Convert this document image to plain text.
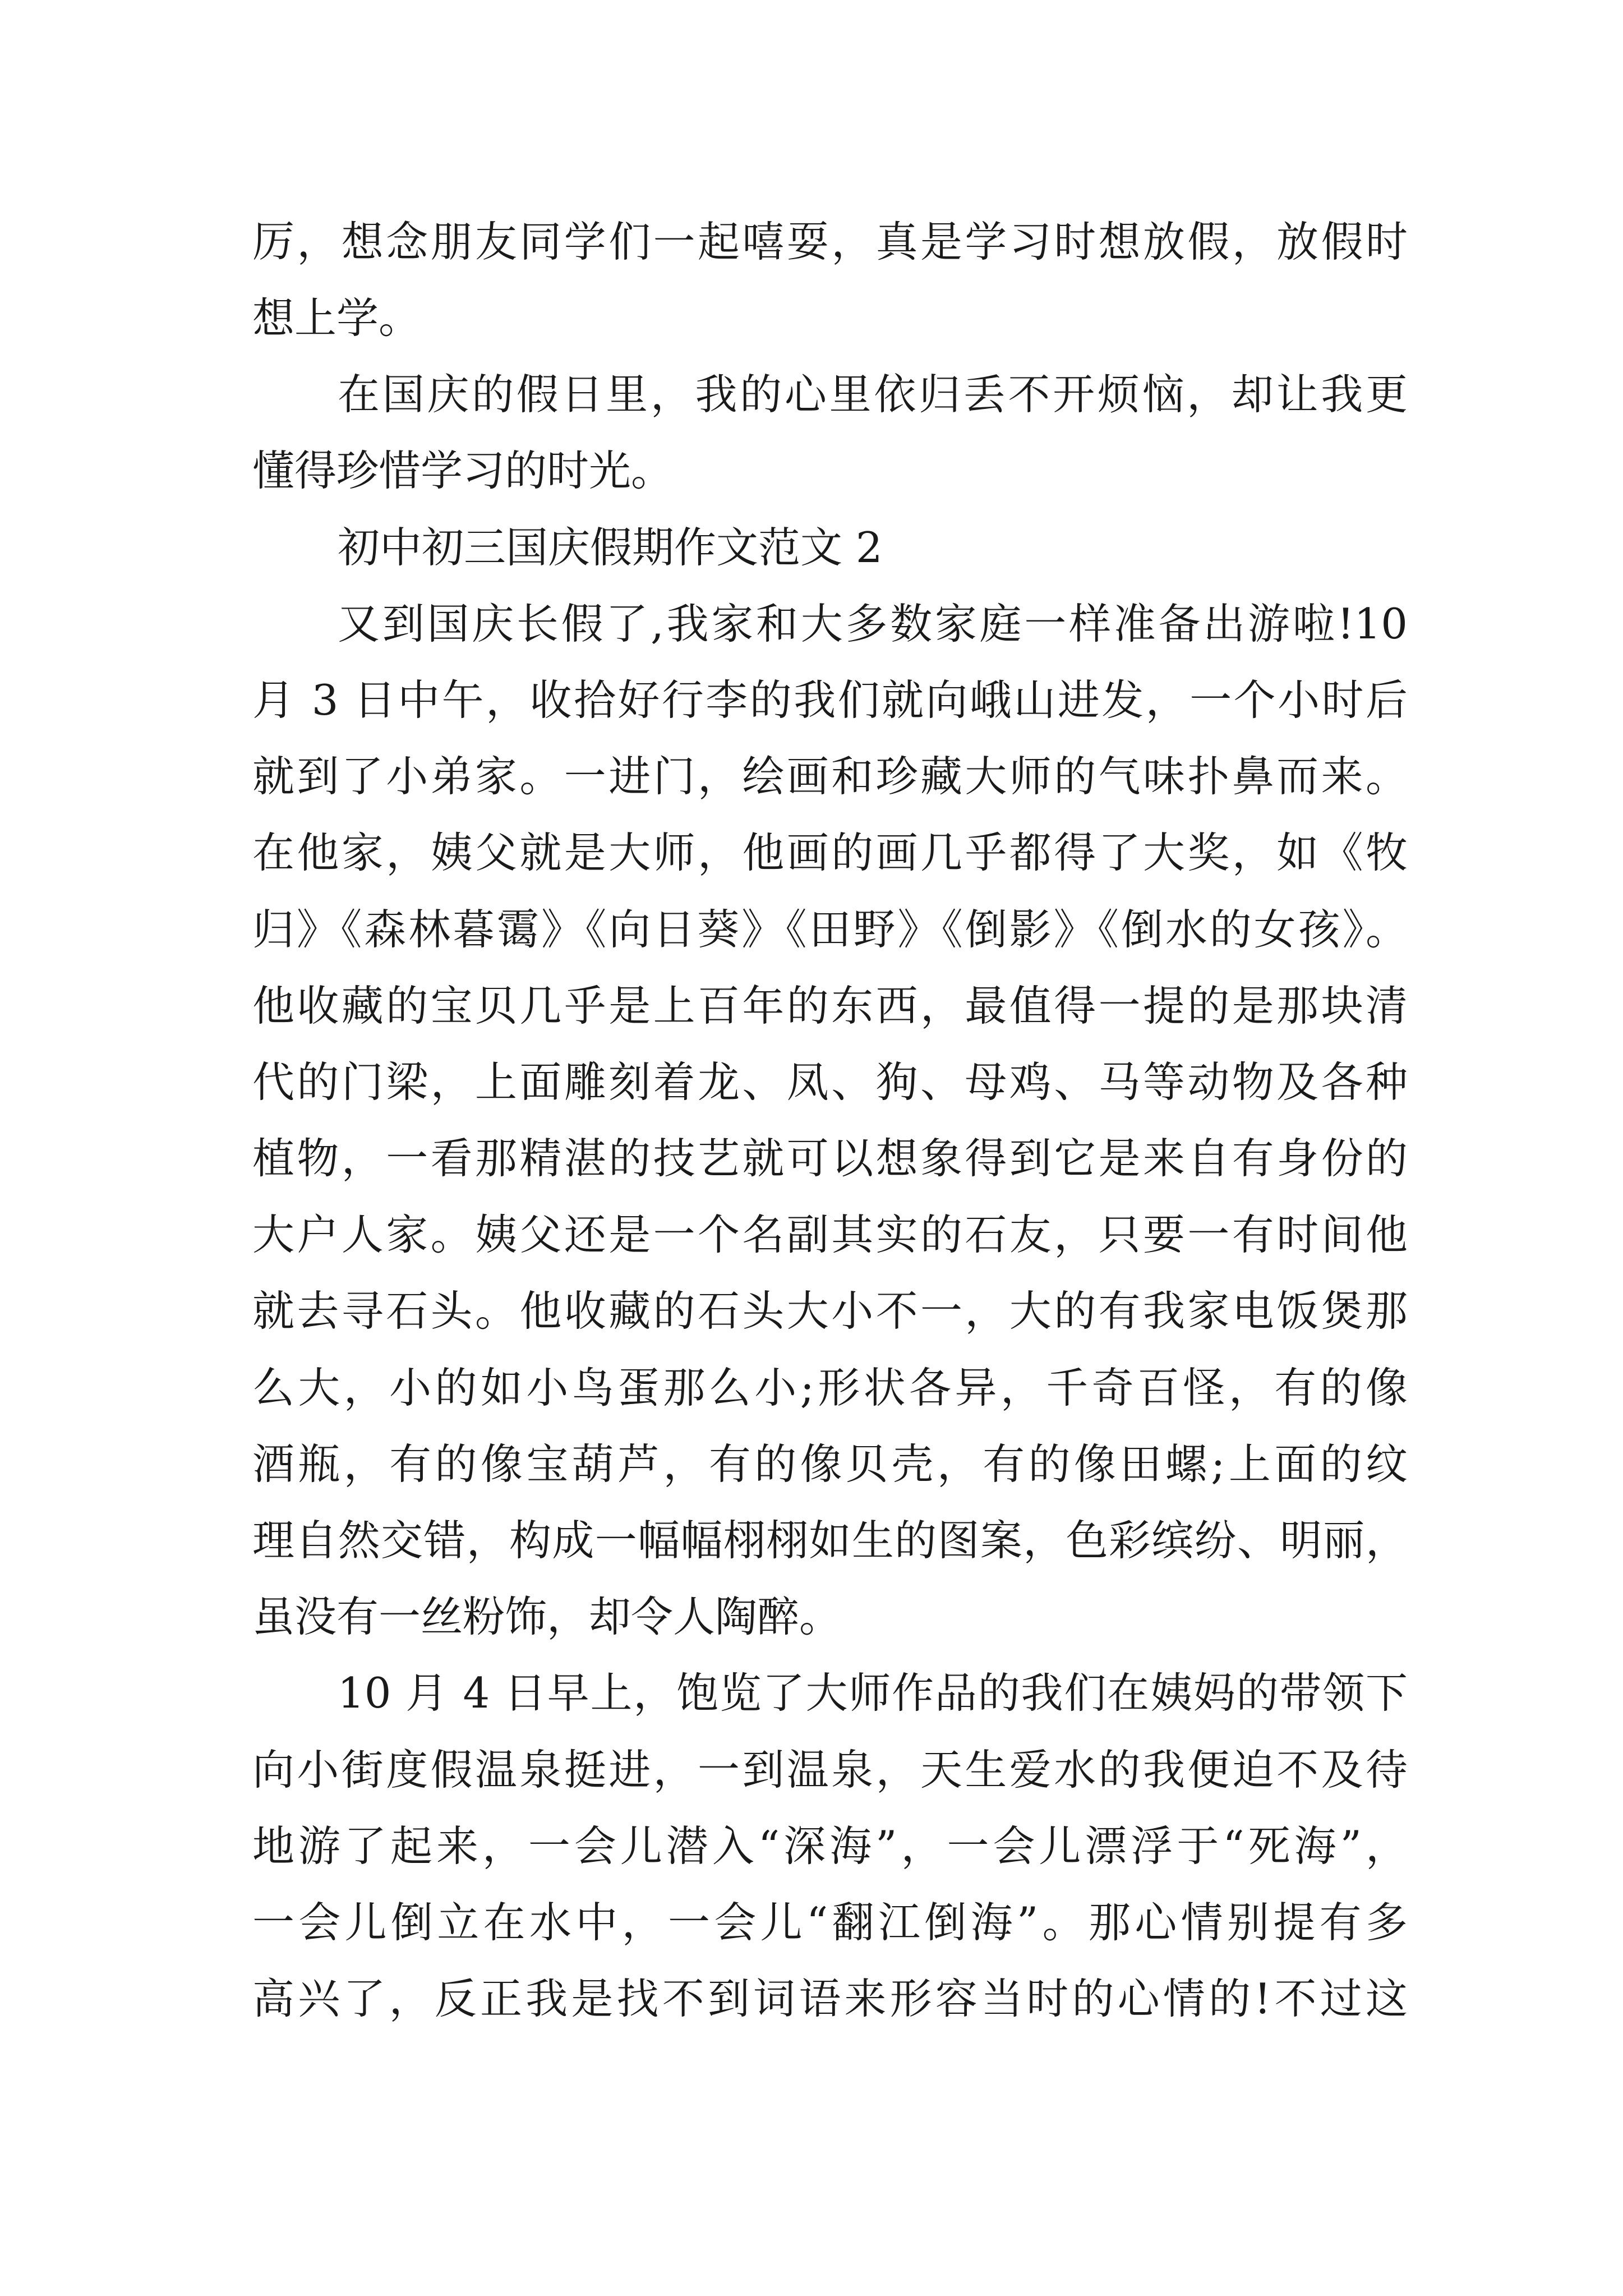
厉，想念朋友同学们一起嘻耍，真是学习时想放假，放假时

想上学。

在国庆的假日里，我的心里依归丢不开烦恼，却让我更

懂得珍惜学习的时光。

初中初三国庆假期作文范文 2

又到国庆长假了,我家和大多数家庭一样准备出游啦!10

月 3 日中午，收拾好行李的我们就向峨山进发，一个小时后

就到了小弟家。一进门，绘画和珍藏大师的气味扑鼻而来。

在他家，姨父就是大师，他画的画几乎都得了大奖，如《牧

归》《森林暮霭》《向日葵》《田野》《倒影》《倒水的女孩》。

他收藏的宝贝几乎是上百年的东西，最值得一提的是那块清

代的门梁，上面雕刻着龙、凤、狗、母鸡、马等动物及各种

植物，一看那精湛的技艺就可以想象得到它是来自有身份的

大户人家。姨父还是一个名副其实的石友，只要一有时间他

就去寻石头。他收藏的石头大小不一，大的有我家电饭煲那

么大，小的如小鸟蛋那么小;形状各异，千奇百怪，有的像

酒瓶，有的像宝葫芦，有的像贝壳，有的像田螺;上面的纹

理自然交错，构成一幅幅栩栩如生的图案，色彩缤纷、明丽，

虽没有一丝粉饰，却令人陶醉。

10 月 4 日早上，饱览了大师作品的我们在姨妈的带领下

向小街度假温泉挺进，一到温泉，天生爱水的我便迫不及待

地游了起来，一会儿潜入“深海”，一会儿漂浮于“死海”，

一会儿倒立在水中，一会儿“翻江倒海”。那心情别提有多

高兴了，反正我是找不到词语来形容当时的心情的!不过这
